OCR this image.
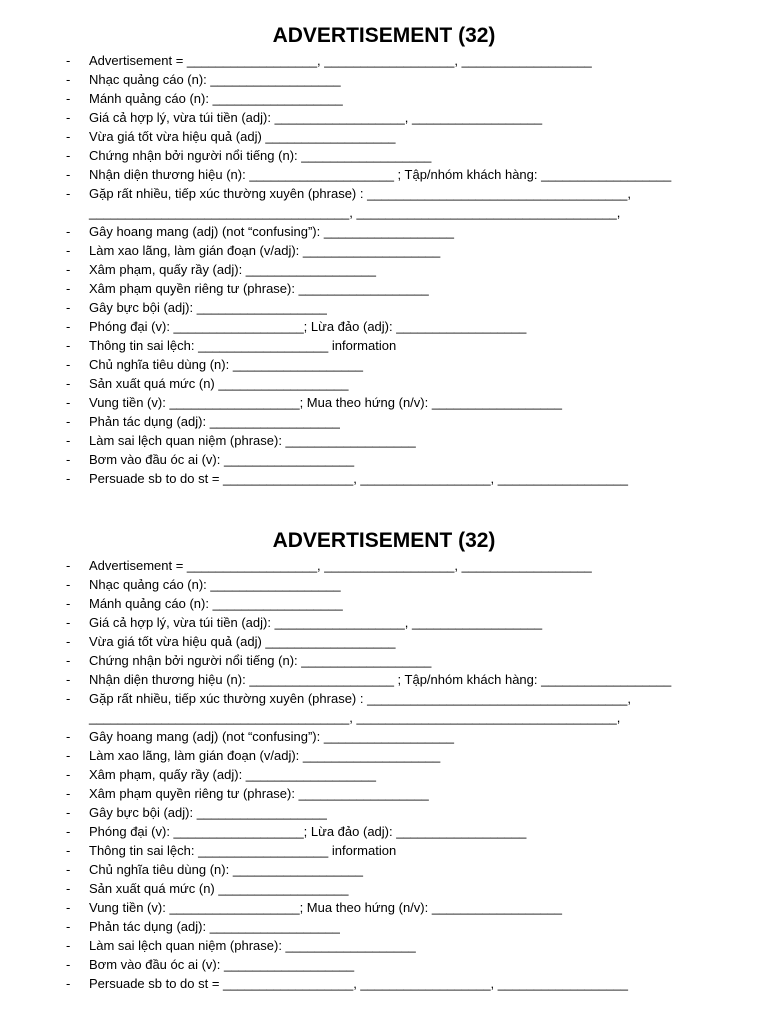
ADVERTISEMENT (32)
- Advertisement = __________________, __________________, __________________
- Nhạc quảng cáo (n): __________________
- Mánh quảng cáo (n): __________________
- Giá cả hợp lý, vừa túi tiền (adj): __________________, __________________
- Vừa giá tốt vừa hiệu quả (adj) __________________
- Chứng nhận bởi người nổi tiếng (n): __________________
- Nhận diện thương hiệu (n): ____________________ ; Tập/nhóm khách hàng: __________________
- Gặp rất nhiều, tiếp xúc thường xuyên (phrase) : ____________________________________,
____________________________________, ____________________________________,
- Gây hoang mang (adj) (not “confusing”): __________________
- Làm xao lãng, làm gián đoạn (v/adj): ___________________
- Xâm phạm, quấy rầy (adj): __________________
- Xâm phạm quyền riêng tư (phrase): __________________
- Gây bực bội (adj): __________________
- Phóng đại (v): __________________; Lừa đảo (adj): __________________
- Thông tin sai lệch: __________________ information
- Chủ nghĩa tiêu dùng (n): __________________
- Sản xuất quá mức (n) __________________
- Vung tiền (v): __________________; Mua theo hứng (n/v): __________________
- Phản tác dụng (adj): __________________
- Làm sai lệch quan niệm (phrase): __________________
- Bơm vào đầu óc ai (v): __________________
- Persuade sb to do st = __________________, __________________, __________________
ADVERTISEMENT (32)
- Advertisement = __________________, __________________, __________________
- Nhạc quảng cáo (n): __________________
- Mánh quảng cáo (n): __________________
- Giá cả hợp lý, vừa túi tiền (adj): __________________, __________________
- Vừa giá tốt vừa hiệu quả (adj) __________________
- Chứng nhận bởi người nổi tiếng (n): __________________
- Nhận diện thương hiệu (n): ____________________ ; Tập/nhóm khách hàng: __________________
- Gặp rất nhiều, tiếp xúc thường xuyên (phrase) : ____________________________________,
____________________________________, ____________________________________,
- Gây hoang mang (adj) (not “confusing”): __________________
- Làm xao lãng, làm gián đoạn (v/adj): ___________________
- Xâm phạm, quấy rầy (adj): __________________
- Xâm phạm quyền riêng tư (phrase): __________________
- Gây bực bội (adj): __________________
- Phóng đại (v): __________________; Lừa đảo (adj): __________________
- Thông tin sai lệch: __________________ information
- Chủ nghĩa tiêu dùng (n): __________________
- Sản xuất quá mức (n) __________________
- Vung tiền (v): __________________; Mua theo hứng (n/v): __________________
- Phản tác dụng (adj): __________________
- Làm sai lệch quan niệm (phrase): __________________
- Bơm vào đầu óc ai (v): __________________
- Persuade sb to do st = __________________, __________________, __________________
